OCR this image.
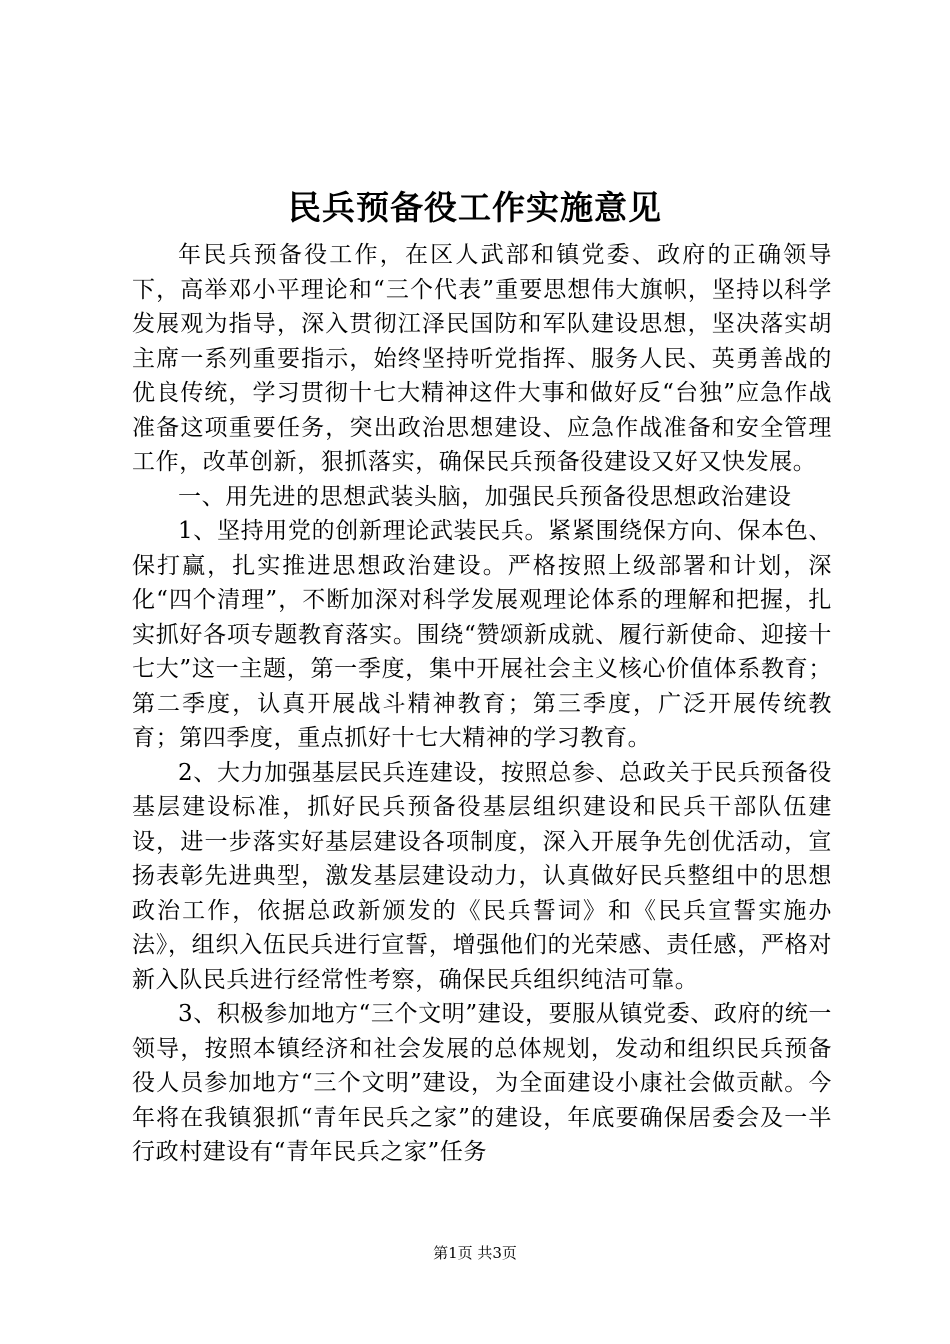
民兵预备役工作实施意见

年民兵预备役工作，在区人武部和镇党委、政府的正确领导下，高举邓小平理论和“三个代表”重要思想伟大旗帜，坚持以科学发展观为指导，深入贯彻江泽民国防和军队建设思想，坚决落实胡主席一系列重要指示，始终坚持听党指挥、服务人民、英勇善战的优良传统，学习贯彻十七大精神这件大事和做好反“台独”应急作战准备这项重要任务，突出政治思想建设、应急作战准备和安全管理工作，改革创新，狠抓落实，确保民兵预备役建设又好又快发展。

一、用先进的思想武装头脑，加强民兵预备役思想政治建设

1、坚持用党的创新理论武装民兵。紧紧围绕保方向、保本色、保打赢，扎实推进思想政治建设。严格按照上级部署和计划，深化“四个清理”，不断加深对科学发展观理论体系的理解和把握，扎实抓好各项专题教育落实。围绕“赞颂新成就、履行新使命、迎接十七大”这一主题，第一季度，集中开展社会主义核心价值体系教育；第二季度，认真开展战斗精神教育；第三季度，广泛开展传统教育；第四季度，重点抓好十七大精神的学习教育。

2、大力加强基层民兵连建设，按照总参、总政关于民兵预备役基层建设标准，抓好民兵预备役基层组织建设和民兵干部队伍建设，进一步落实好基层建设各项制度，深入开展争先创优活动，宣扬表彰先进典型，激发基层建设动力，认真做好民兵整组中的思想政治工作，依据总政新颁发的《民兵誓词》和《民兵宣誓实施办法》，组织入伍民兵进行宣誓，增强他们的光荣感、责任感，严格对新入队民兵进行经常性考察，确保民兵组织纯洁可靠。

3、积极参加地方“三个文明”建设，要服从镇党委、政府的统一领导，按照本镇经济和社会发展的总体规划，发动和组织民兵预备役人员参加地方“三个文明”建设，为全面建设小康社会做贡献。今年将在我镇狠抓“青年民兵之家”的建设，年底要确保居委会及一半行政村建设有“青年民兵之家”任务

第1页 共3页
